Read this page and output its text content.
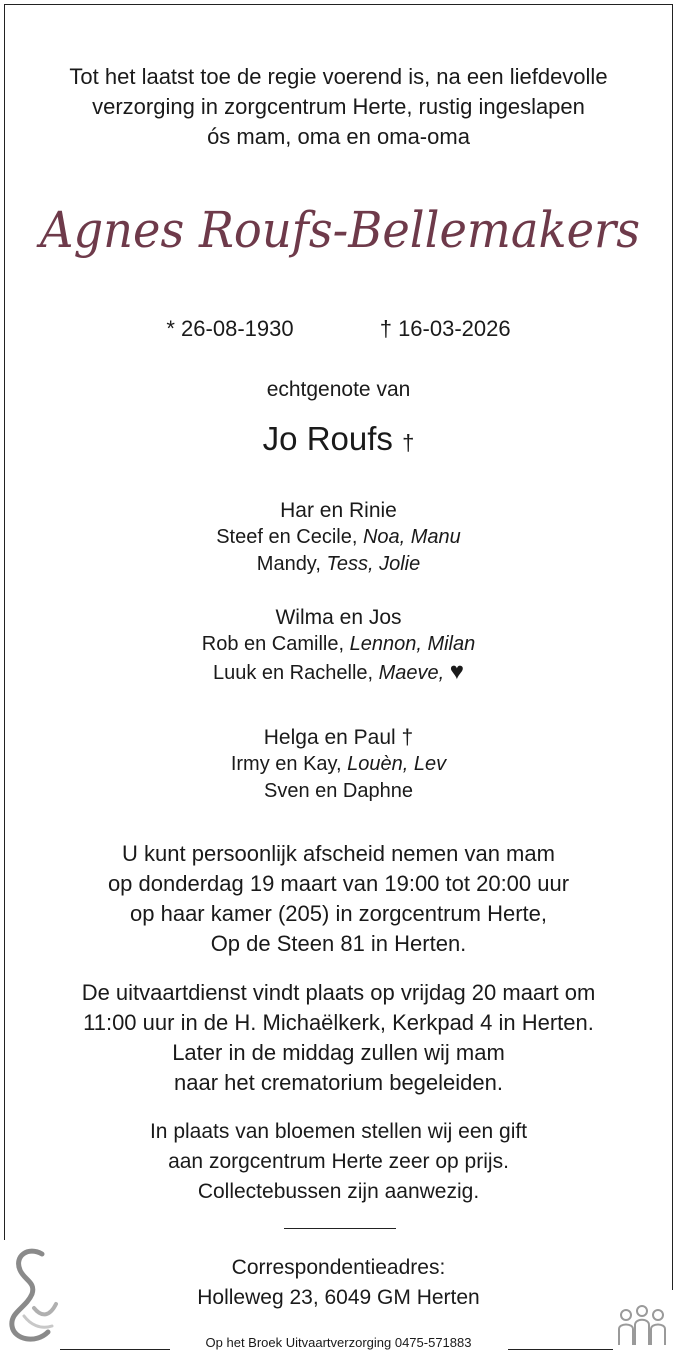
Tot het laatst toe de regie voerend is, na een liefdevolle
verzorging in zorgcentrum Herte, rustig ingeslapen
ós mam, oma en oma-oma
Agnes Roufs-Bellemakers
* 26-08-1930	† 16-03-2026
echtgenote van
Jo Roufs †
Har en Rinie
Steef en Cecile, Noa, Manu
Mandy, Tess, Jolie
Wilma en Jos
Rob en Camille, Lennon, Milan
Luuk en Rachelle, Maeve, ♥
Helga en Paul †
Irmy en Kay, Louèn, Lev
Sven en Daphne
U kunt persoonlijk afscheid nemen van mam
op donderdag 19 maart van 19:00 tot 20:00 uur
op haar kamer (205) in zorgcentrum Herte,
Op de Steen 81 in Herten.
De uitvaartdienst vindt plaats op vrijdag 20 maart om
11:00 uur in de H. Michaëlkerk, Kerkpad 4 in Herten.
Later in de middag zullen wij mam
naar het crematorium begeleiden.
In plaats van bloemen stellen wij een gift
aan zorgcentrum Herte zeer op prijs.
Collectebussen zijn aanwezig.
Correspondentieadres:
Holleweg 23, 6049 GM Herten
Op het Broek Uitvaartverzorging 0475-571883
